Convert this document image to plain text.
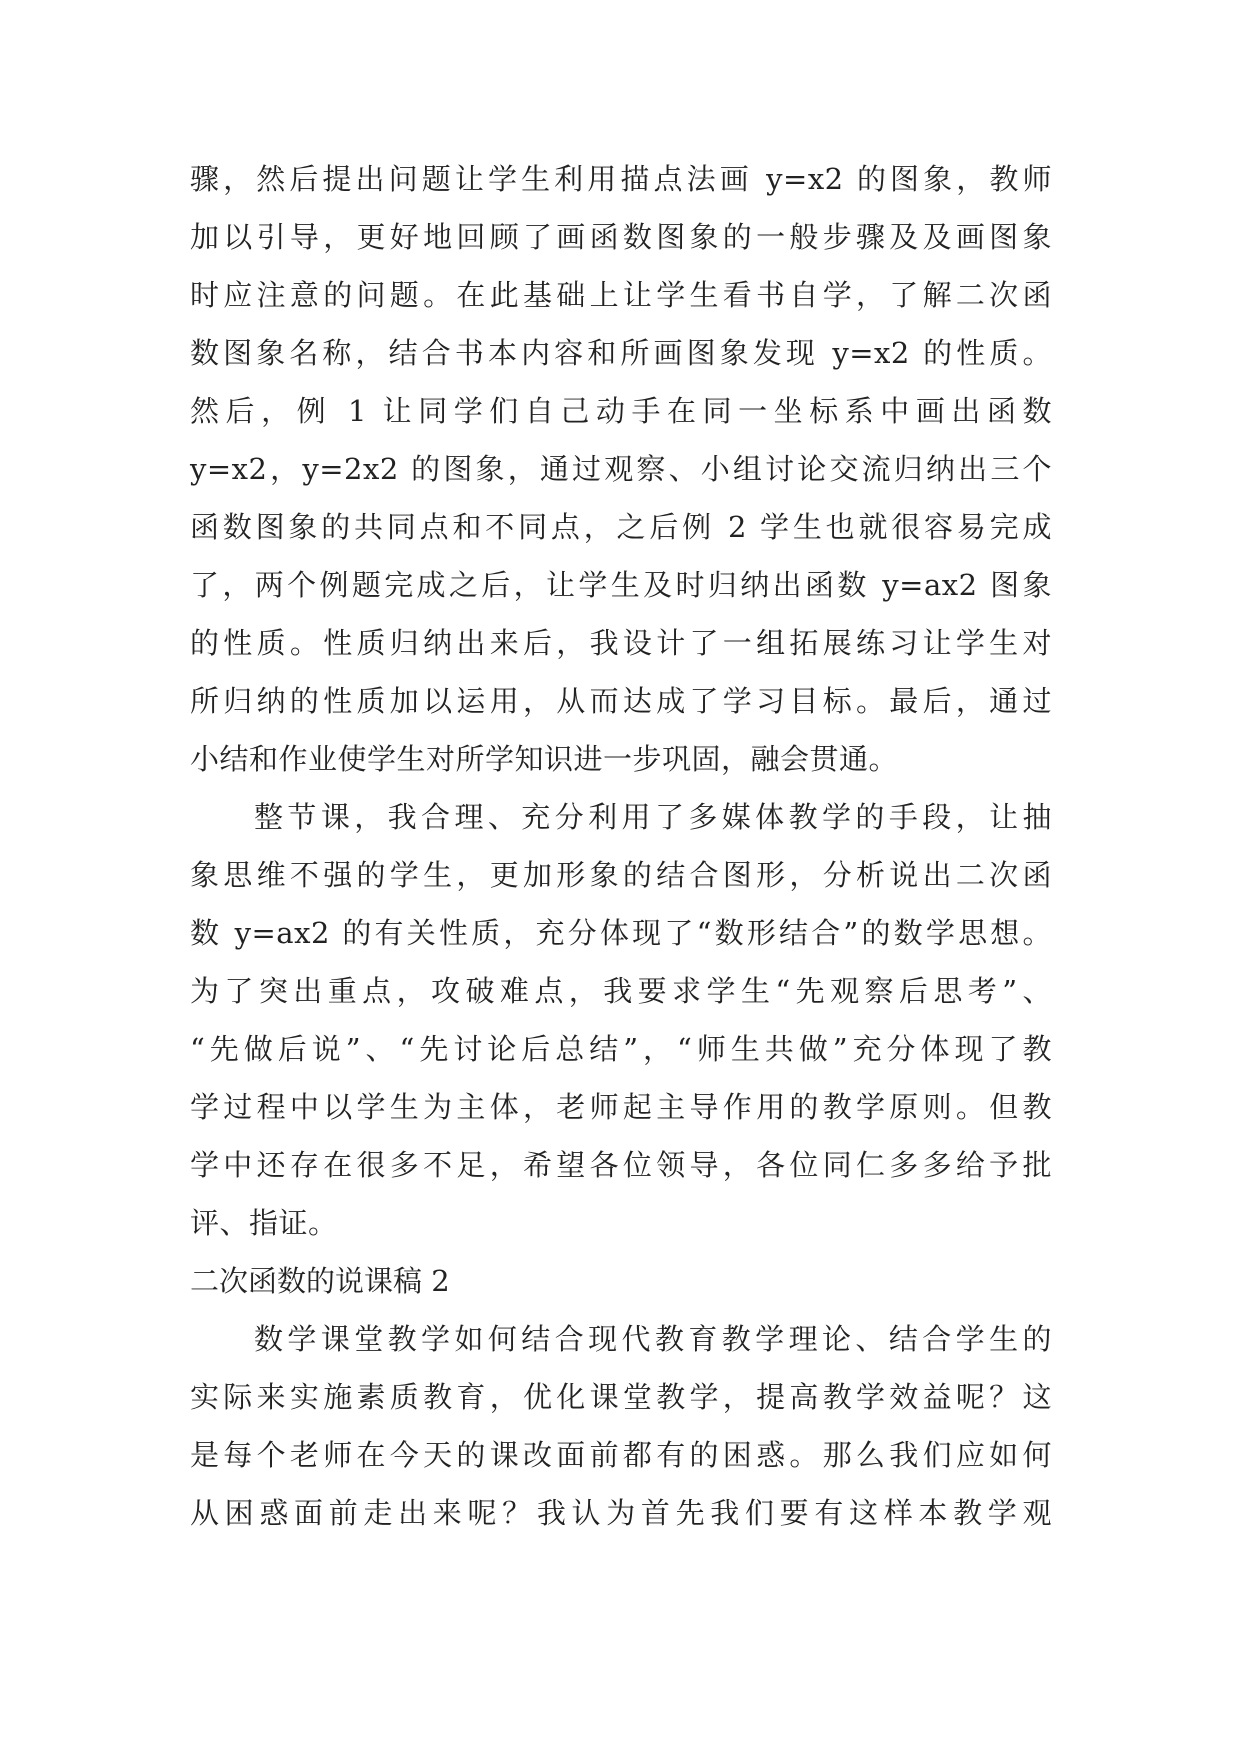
骤，然后提出问题让学生利用描点法画 y=x2 的图象，教师
加以引导，更好地回顾了画函数图象的一般步骤及及画图象
时应注意的问题。在此基础上让学生看书自学，了解二次函
数图象名称，结合书本内容和所画图象发现 y=x2 的性质。
然后，例 1 让同学们自己动手在同一坐标系中画出函数
y=x2，y=2x2 的图象，通过观察、小组讨论交流归纳出三个
函数图象的共同点和不同点，之后例 2 学生也就很容易完成
了，两个例题完成之后，让学生及时归纳出函数 y=ax2 图象
的性质。性质归纳出来后，我设计了一组拓展练习让学生对
所归纳的性质加以运用，从而达成了学习目标。最后，通过
小结和作业使学生对所学知识进一步巩固，融会贯通。
整节课，我合理、充分利用了多媒体教学的手段，让抽
象思维不强的学生，更加形象的结合图形，分析说出二次函
数 y=ax2 的有关性质，充分体现了“数形结合”的数学思想。
为了突出重点，攻破难点，我要求学生“先观察后思考”、
“先做后说”、“先讨论后总结”，“师生共做”充分体现了教
学过程中以学生为主体，老师起主导作用的教学原则。但教
学中还存在很多不足，希望各位领导，各位同仁多多给予批
评、指证。
二次函数的说课稿 2
数学课堂教学如何结合现代教育教学理论、结合学生的
实际来实施素质教育，优化课堂教学，提高教学效益呢？这
是每个老师在今天的课改面前都有的困惑。那么我们应如何
从困惑面前走出来呢？我认为首先我们要有这样本教学观
